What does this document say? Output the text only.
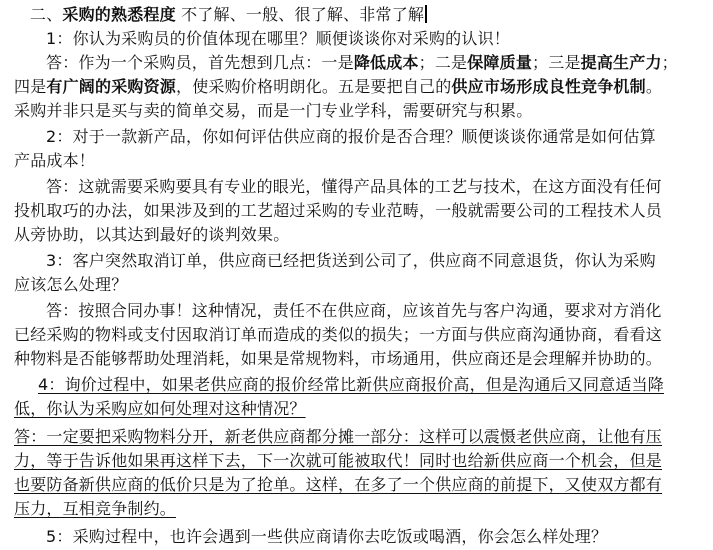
二、采购的熟悉程度 不了解、一般、很了解、非常了解
1：你认为采购员的价值体现在哪里？顺便谈谈你对采购的认识！
答：作为一个采购员，首先想到几点：一是降低成本；二是保障质量；三是提高生产力；
四是有广阔的采购资源，使采购价格明朗化。五是要把自己的供应市场形成良性竞争机制。
采购并非只是买与卖的简单交易，而是一门专业学科，需要研究与积累。
2：对于一款新产品，你如何评估供应商的报价是否合理？顺便谈谈你通常是如何估算
产品成本！
答：这就需要采购要具有专业的眼光，懂得产品具体的工艺与技术，在这方面没有任何
投机取巧的办法，如果涉及到的工艺超过采购的专业范畴，一般就需要公司的工程技术人员
从旁协助，以其达到最好的谈判效果。
3：客户突然取消订单，供应商已经把货送到公司了，供应商不同意退货，你认为采购
应该怎么处理？
答：按照合同办事！这种情况，责任不在供应商，应该首先与客户沟通，要求对方消化
已经采购的物料或支付因取消订单而造成的类似的损失；一方面与供应商沟通协商，看看这
种物料是否能够帮助处理消耗，如果是常规物料，市场通用，供应商还是会理解并协助的。
4：询价过程中，如果老供应商的报价经常比新供应商报价高，但是沟通后又同意适当降
低，你认为采购应如何处理对这种情况？
答：一定要把采购物料分开，新老供应商都分摊一部分：这样可以震慑老供应商，让他有压
力，等于告诉他如果再这样下去，下一次就可能被取代！同时也给新供应商一个机会，但是
也要防备新供应商的低价只是为了抢单。这样，在多了一个供应商的前提下，又使双方都有
压力，互相竞争制约。
5：采购过程中，也许会遇到一些供应商请你去吃饭或喝酒，你会怎么样处理？
